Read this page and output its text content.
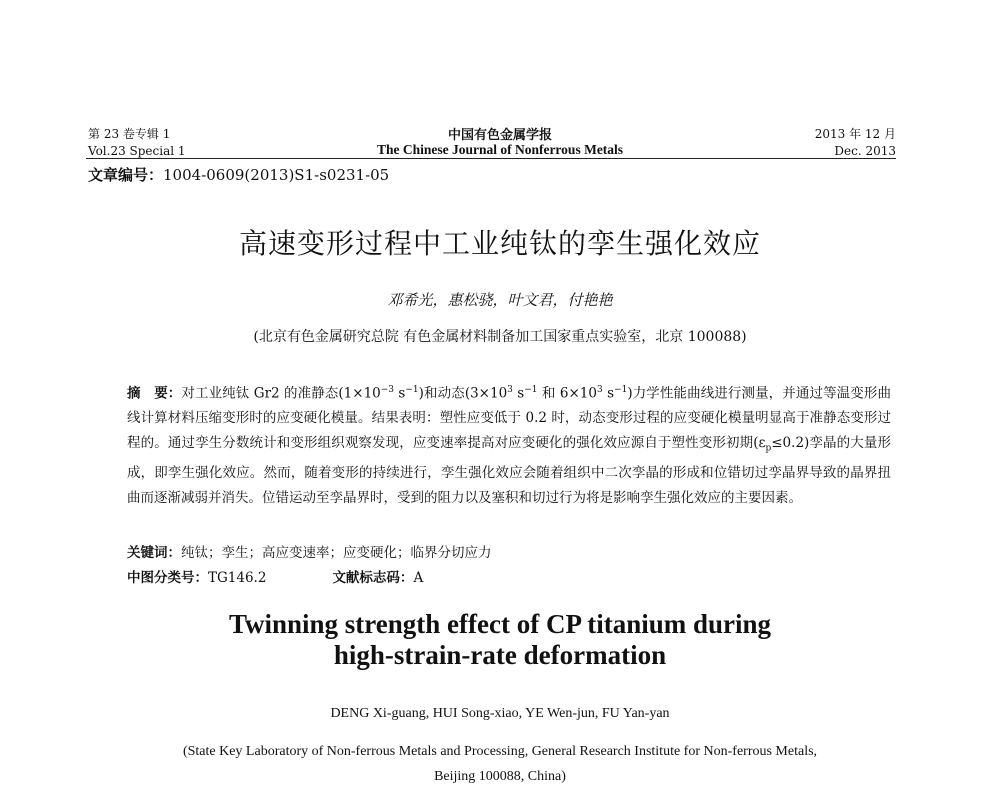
第 23 卷专辑 1
Vol.23 Special 1
中国有色金属学报
The Chinese Journal of Nonferrous Metals
2013 年 12 月
Dec. 2013
文章编号：1004-0609(2013)S1-s0231-05
高速变形过程中工业纯钛的孪生强化效应
邓希光，惠松骁，叶文君，付艳艳
(北京有色金属研究总院 有色金属材料制备加工国家重点实验室，北京 100088)
摘　要：对工业纯钛 Gr2 的准静态($1\times 10^{-3}$ $s^{-1}$)和动态($3\times 10^3$ $s^{-1}$ 和 $6\times 10^3$ $s^{-1}$)力学性能曲线进行测量，并通过等温变形曲线计算材料压缩变形时的应变硬化模量。结果表明：塑性应变低于 0.2 时，动态变形过程的应变硬化模量明显高于准静态变形过程的。通过孪生分数统计和变形组织观察发现，应变速率提高对应变硬化的强化效应源自于塑性变形初期$(\varepsilon_p\le 0.2)$孪晶的大量形成，即孪生强化效应。然而，随着变形的持续进行，孪生强化效应会随着组织中二次孪晶的形成和位错切过孪晶界导致的晶界扭曲而逐渐减弱并消失。位错运动至孪晶界时，受到的阻力以及塞积和切过行为将是影响孪生强化效应的主要因素。
关键词：纯钛；孪生；高应变速率；应变硬化；临界分切应力
中图分类号：TG146.2	文献标志码：A
Twinning strength effect of CP titanium during
high-strain-rate deformation
DENG Xi-guang, HUI Song-xiao, YE Wen-jun, FU Yan-yan
(State Key Laboratory of Non-ferrous Metals and Processing, General Research Institute for Non-ferrous Metals,
Beijing 100088, China)
